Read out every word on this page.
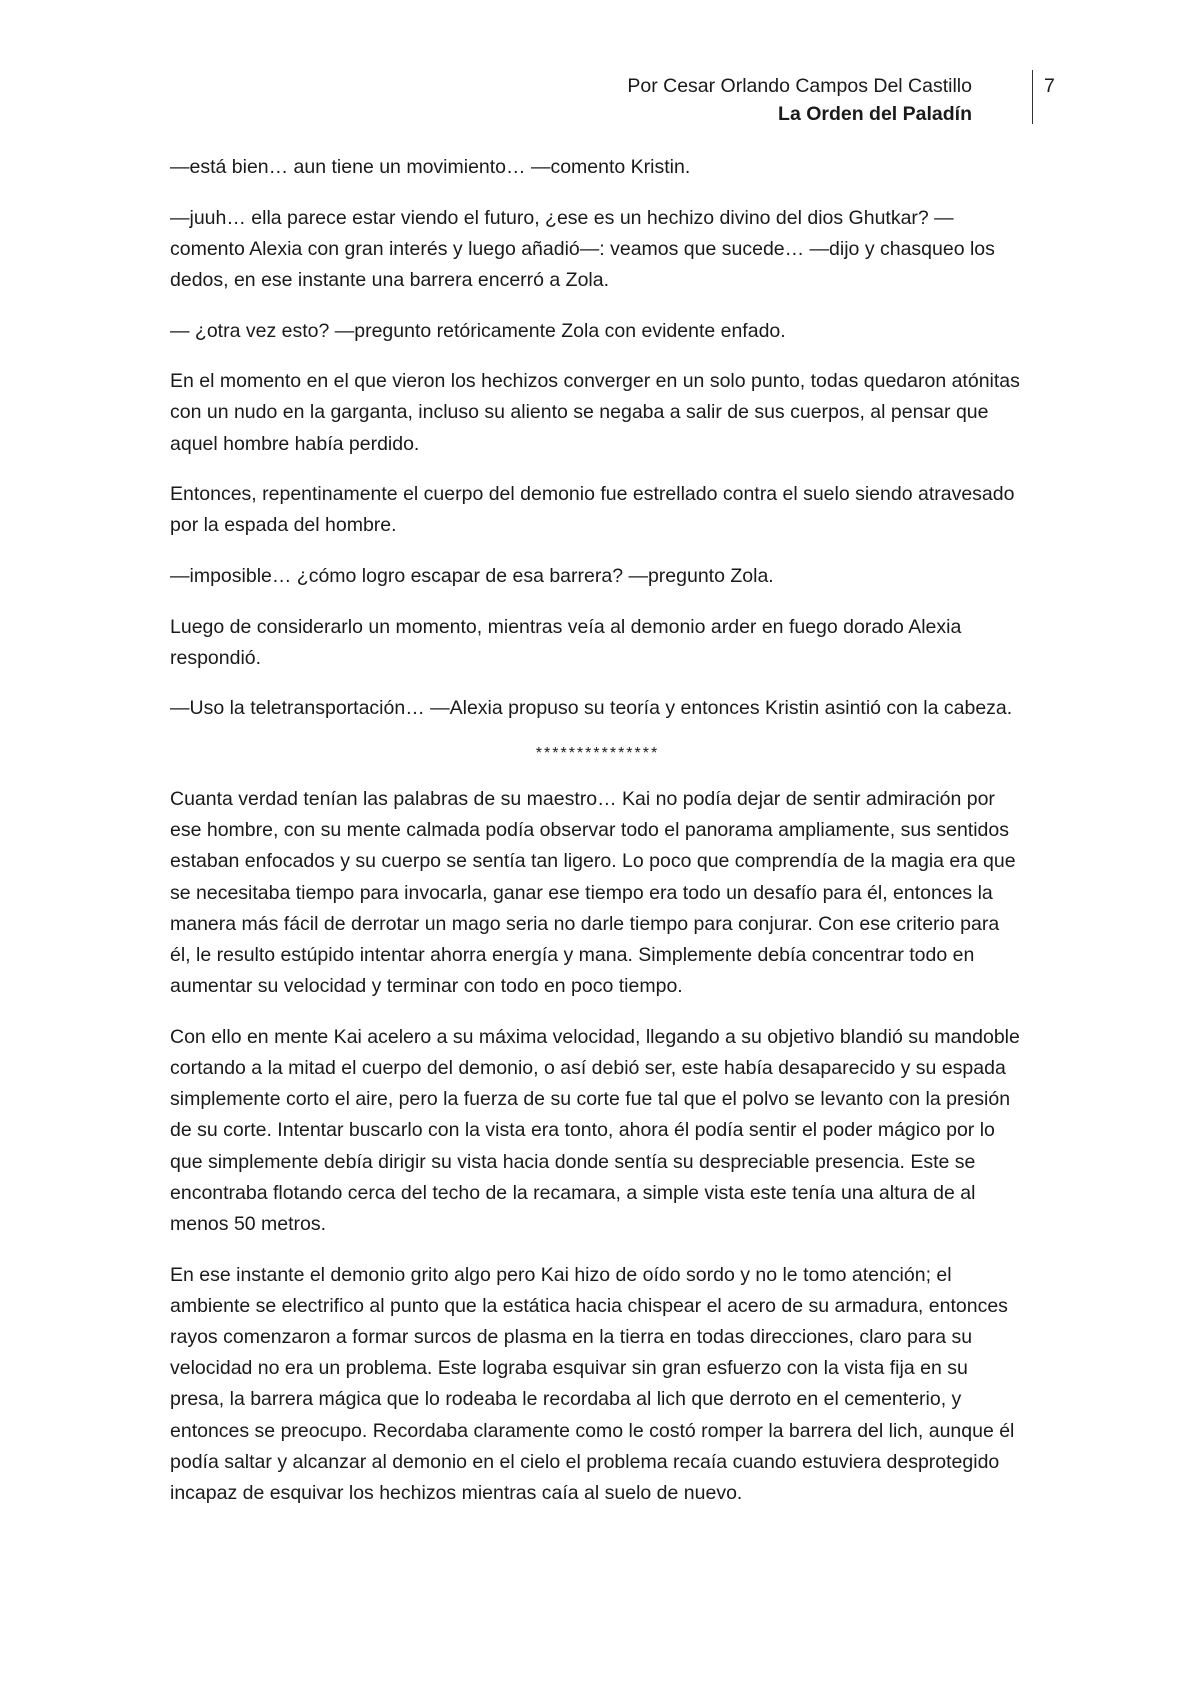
Por Cesar Orlando Campos Del Castillo
La Orden del Paladín
7

—está bien… aun tiene un movimiento… —comento Kristin.

—juuh… ella parece estar viendo el futuro, ¿ese es un hechizo divino del dios Ghutkar? —comento Alexia con gran interés y luego añadió—: veamos que sucede… —dijo y chasqueo los dedos, en ese instante una barrera encerró a Zola.

— ¿otra vez esto? —pregunto retóricamente Zola con evidente enfado.

En el momento en el que vieron los hechizos converger en un solo punto, todas quedaron atónitas con un nudo en la garganta, incluso su aliento se negaba a salir de sus cuerpos, al pensar que aquel hombre había perdido.

Entonces, repentinamente el cuerpo del demonio fue estrellado contra el suelo siendo atravesado por la espada del hombre.

—imposible… ¿cómo logro escapar de esa barrera? —pregunto Zola.

Luego de considerarlo un momento, mientras veía al demonio arder en fuego dorado Alexia respondió.

—Uso la teletransportación… —Alexia propuso su teoría y entonces Kristin asintió con la cabeza.

***************

Cuanta verdad tenían las palabras de su maestro… Kai no podía dejar de sentir admiración por ese hombre, con su mente calmada podía observar todo el panorama ampliamente, sus sentidos estaban enfocados y su cuerpo se sentía tan ligero. Lo poco que comprendía de la magia era que se necesitaba tiempo para invocarla, ganar ese tiempo era todo un desafío para él, entonces la manera más fácil de derrotar un mago seria no darle tiempo para conjurar. Con ese criterio para él, le resulto estúpido intentar ahorra energía y mana. Simplemente debía concentrar todo en aumentar su velocidad y terminar con todo en poco tiempo.

Con ello en mente Kai acelero a su máxima velocidad, llegando a su objetivo blandió su mandoble cortando a la mitad el cuerpo del demonio, o así debió ser, este había desaparecido y su espada simplemente corto el aire, pero la fuerza de su corte fue tal que el polvo se levanto con la presión de su corte. Intentar buscarlo con la vista era tonto, ahora él podía sentir el poder mágico por lo que simplemente debía dirigir su vista hacia donde sentía su despreciable presencia. Este se encontraba flotando cerca del techo de la recamara, a simple vista este tenía una altura de al menos 50 metros.

En ese instante el demonio grito algo pero Kai hizo de oído sordo y no le tomo atención; el ambiente se electrifico al punto que la estática hacia chispear el acero de su armadura, entonces rayos comenzaron a formar surcos de plasma en la tierra en todas direcciones, claro para su velocidad no era un problema. Este lograba esquivar sin gran esfuerzo con la vista fija en su presa, la barrera mágica que lo rodeaba le recordaba al lich que derroto en el cementerio, y entonces se preocupo. Recordaba claramente como le costó romper la barrera del lich, aunque él podía saltar y alcanzar al demonio en el cielo el problema recaía cuando estuviera desprotegido incapaz de esquivar los hechizos mientras caía al suelo de nuevo.
